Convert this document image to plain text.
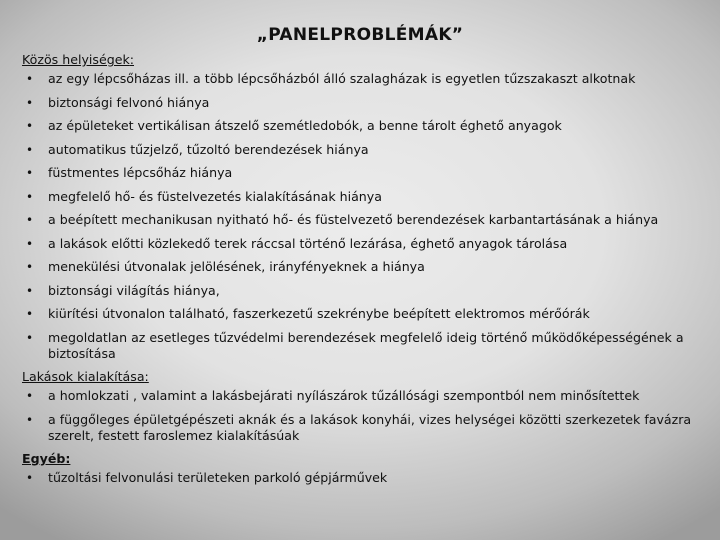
„PANELPROBLÉMÁK”
Közös helyiségek:
• az egy lépcsőházas ill. a több lépcsőházból álló szalagházak is egyetlen tűzszakaszt alkotnak
• biztonsági felvonó hiánya
• az épületeket vertikálisan átszelő szemétledobók, a benne tárolt éghető anyagok
• automatikus tűzjelző, tűzoltó berendezések hiánya
• füstmentes lépcsőház hiánya
• megfelelő hő- és füstelvezetés kialakításának hiánya
• a beépített mechanikusan nyitható hő- és füstelvezető berendezések karbantartásának a hiánya
• a lakások előtti közlekedő terek ráccsal történő lezárása, éghető anyagok tárolása
• menekülési útvonalak jelölésének, irányfényeknek a hiánya
• biztonsági világítás hiánya,
• kiürítési útvonalon található, faszerkezetű szekrénybe beépített elektromos mérőórák
• megoldatlan az esetleges tűzvédelmi berendezések megfelelő ideig történő működőképességének a biztosítása
Lakások kialakítása:
• a homlokzati , valamint a lakásbejárati nyílászárok tűzállósági szempontból nem minősítettek
• a függőleges épületgépészeti aknák és a lakások konyhái, vizes helységei közötti szerkezetek favázra szerelt, festett faroslemez kialakításúak
Egyéb:
• tűzoltási felvonulási területeken parkoló gépjárművek
